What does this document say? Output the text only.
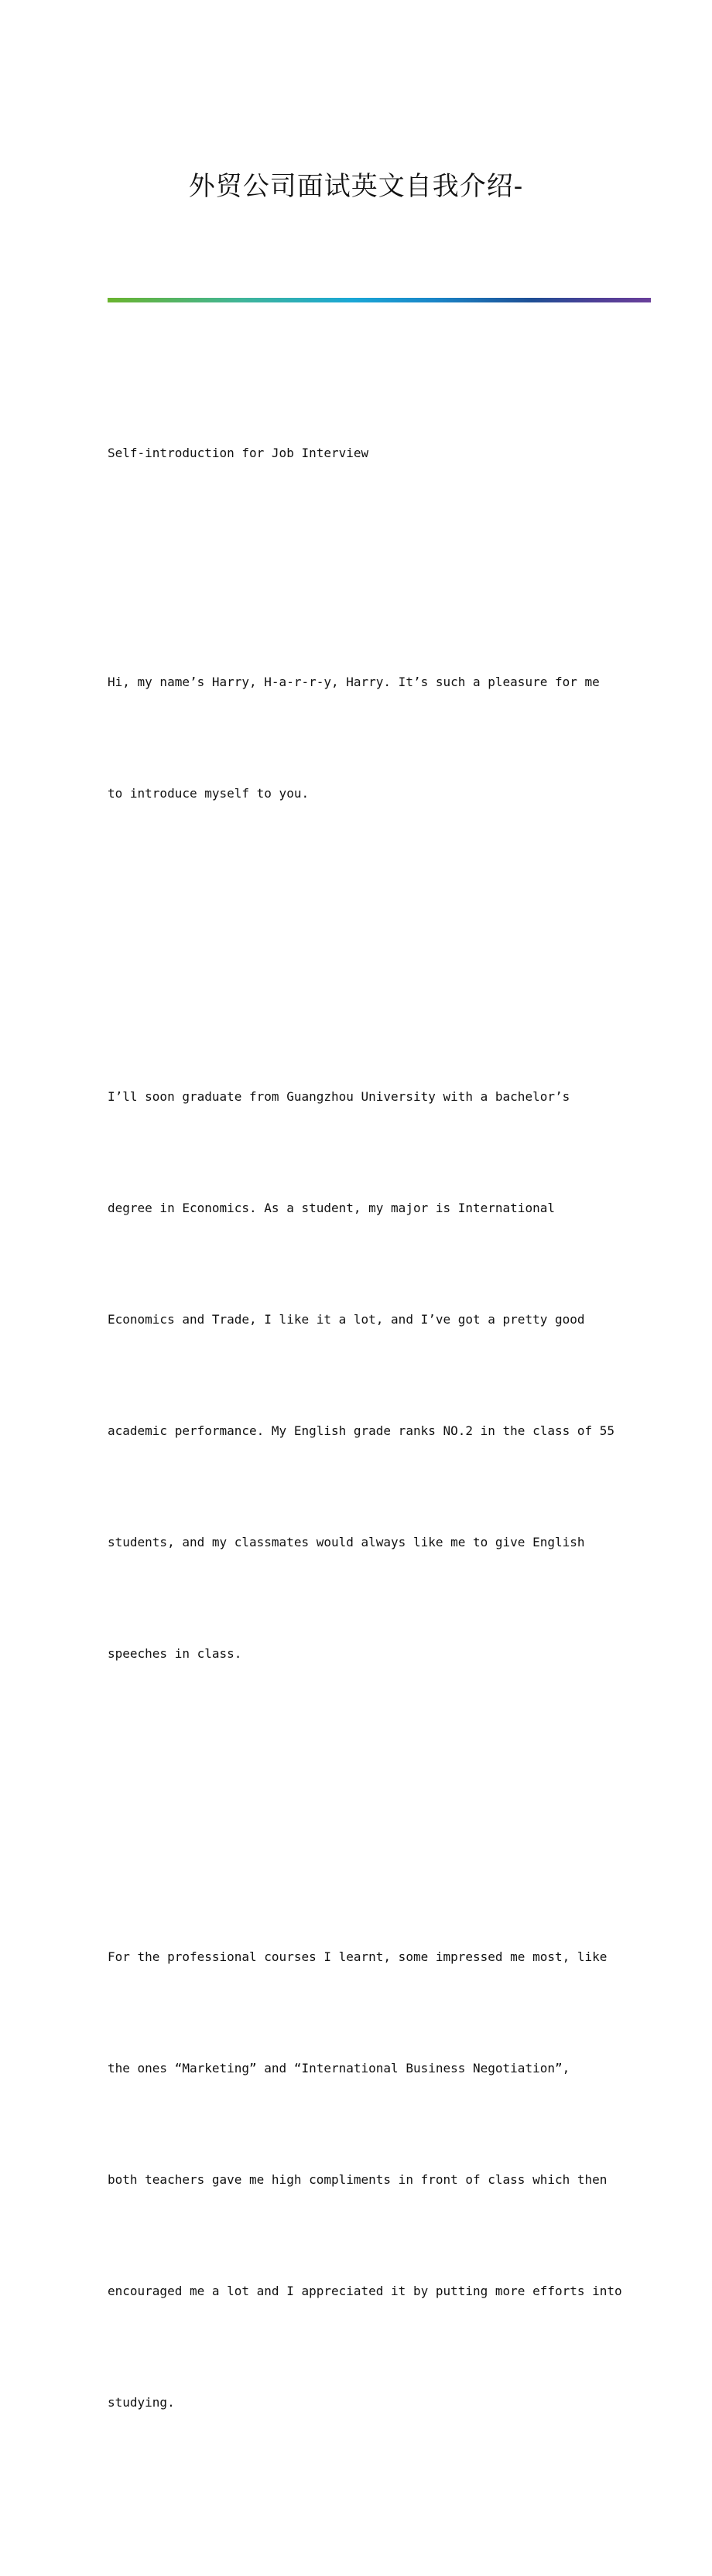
外贸公司面试英文自我介绍-

Self-introduction for Job Interview

Hi, my name’s Harry, H-a-r-r-y, Harry. It’s such a pleasure for me

to introduce myself to you.

I’ll soon graduate from Guangzhou University with a bachelor’s

degree in Economics. As a student, my major is International

Economics and Trade, I like it a lot, and I’ve got a pretty good

academic performance. My English grade ranks NO.2 in the class of 55

students, and my classmates would always like me to give English

speeches in class.

For the professional courses I learnt, some impressed me most, like

the ones “Marketing” and “International Business Negotiation”,

both teachers gave me high compliments in front of class which then

encouraged me a lot and I appreciated it by putting more efforts into

studying.
